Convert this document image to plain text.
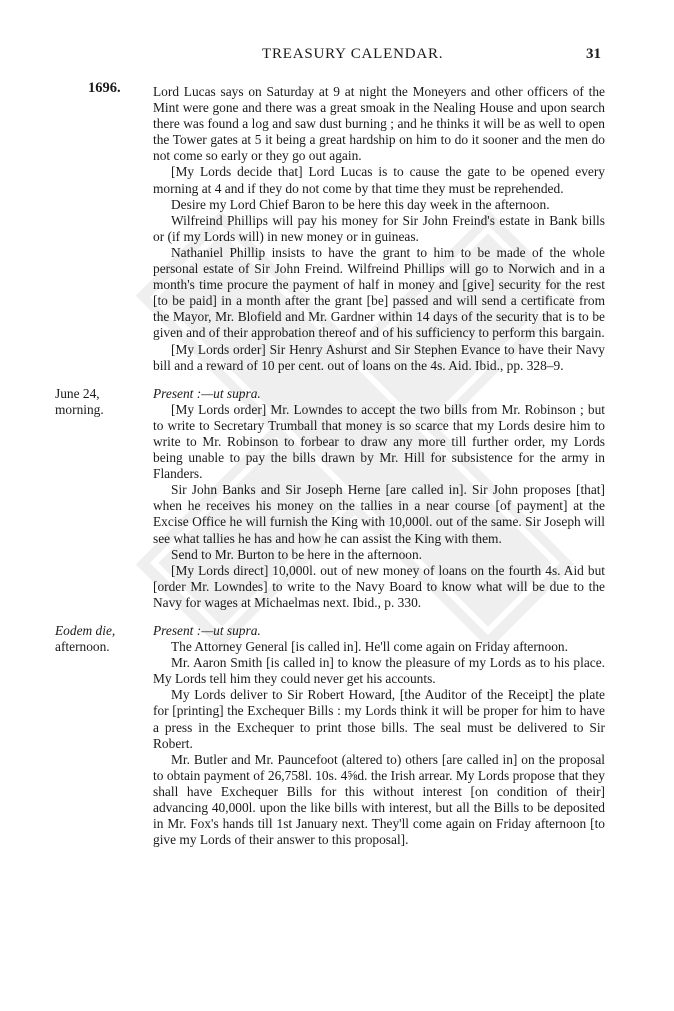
1696.
TREASURY CALENDAR.	31

Lord Lucas says on Saturday at 9 at night the Moneyers and other officers of the Mint were gone and there was a great smoak in the Nealing House and upon search there was found a log and saw dust burning ; and he thinks it will be as well to open the Tower gates at 5 it being a great hardship on him to do it sooner and the men do not come so early or they go out again.

[My Lords decide that] Lord Lucas is to cause the gate to be opened every morning at 4 and if they do not come by that time they must be reprehended.

Desire my Lord Chief Baron to be here this day week in the afternoon.

Wilfreind Phillips will pay his money for Sir John Freind's estate in Bank bills or (if my Lords will) in new money or in guineas.

Nathaniel Phillip insists to have the grant to him to be made of the whole personal estate of Sir John Freind. Wilfreind Phillips will go to Norwich and in a month's time procure the payment of half in money and [give] security for the rest [to be paid] in a month after the grant [be] passed and will send a certificate from the Mayor, Mr. Blofield and Mr. Gardner within 14 days of the security that is to be given and of their approbation thereof and of his sufficiency to perform this bargain.

[My Lords order] Sir Henry Ashurst and Sir Stephen Evance to have their Navy bill and a reward of 10 per cent. out of loans on the 4s. Aid. Ibid., pp. 328–9.

June 24,
morning.

Present :—ut supra.

[My Lords order] Mr. Lowndes to accept the two bills from Mr. Robinson ; but to write to Secretary Trumball that money is so scarce that my Lords desire him to write to Mr. Robinson to forbear to draw any more till further order, my Lords being unable to pay the bills drawn by Mr. Hill for subsistence for the army in Flanders.

Sir John Banks and Sir Joseph Herne [are called in]. Sir John proposes [that] when he receives his money on the tallies in a near course [of payment] at the Excise Office he will furnish the King with 10,000l. out of the same. Sir Joseph will see what tallies he has and how he can assist the King with them.

Send to Mr. Burton to be here in the afternoon.

[My Lords direct] 10,000l. out of new money of loans on the fourth 4s. Aid but [order Mr. Lowndes] to write to the Navy Board to know what will be due to the Navy for wages at Michaelmas next. Ibid., p. 330.

Eodem die,
afternoon.

Present :—ut supra.

The Attorney General [is called in]. He'll come again on Friday afternoon.

Mr. Aaron Smith [is called in] to know the pleasure of my Lords as to his place. My Lords tell him they could never get his accounts.

My Lords deliver to Sir Robert Howard, [the Auditor of the Receipt] the plate for [printing] the Exchequer Bills : my Lords think it will be proper for him to have a press in the Exchequer to print those bills. The seal must be delivered to Sir Robert.

Mr. Butler and Mr. Pauncefoot (altered to) others [are called in] on the proposal to obtain payment of 26,758l. 10s. 4⅝d. the Irish arrear. My Lords propose that they shall have Exchequer Bills for this without interest [on condition of their] advancing 40,000l. upon the like bills with interest, but all the Bills to be deposited in Mr. Fox's hands till 1st January next. They'll come again on Friday afternoon [to give my Lords of their answer to this proposal].
